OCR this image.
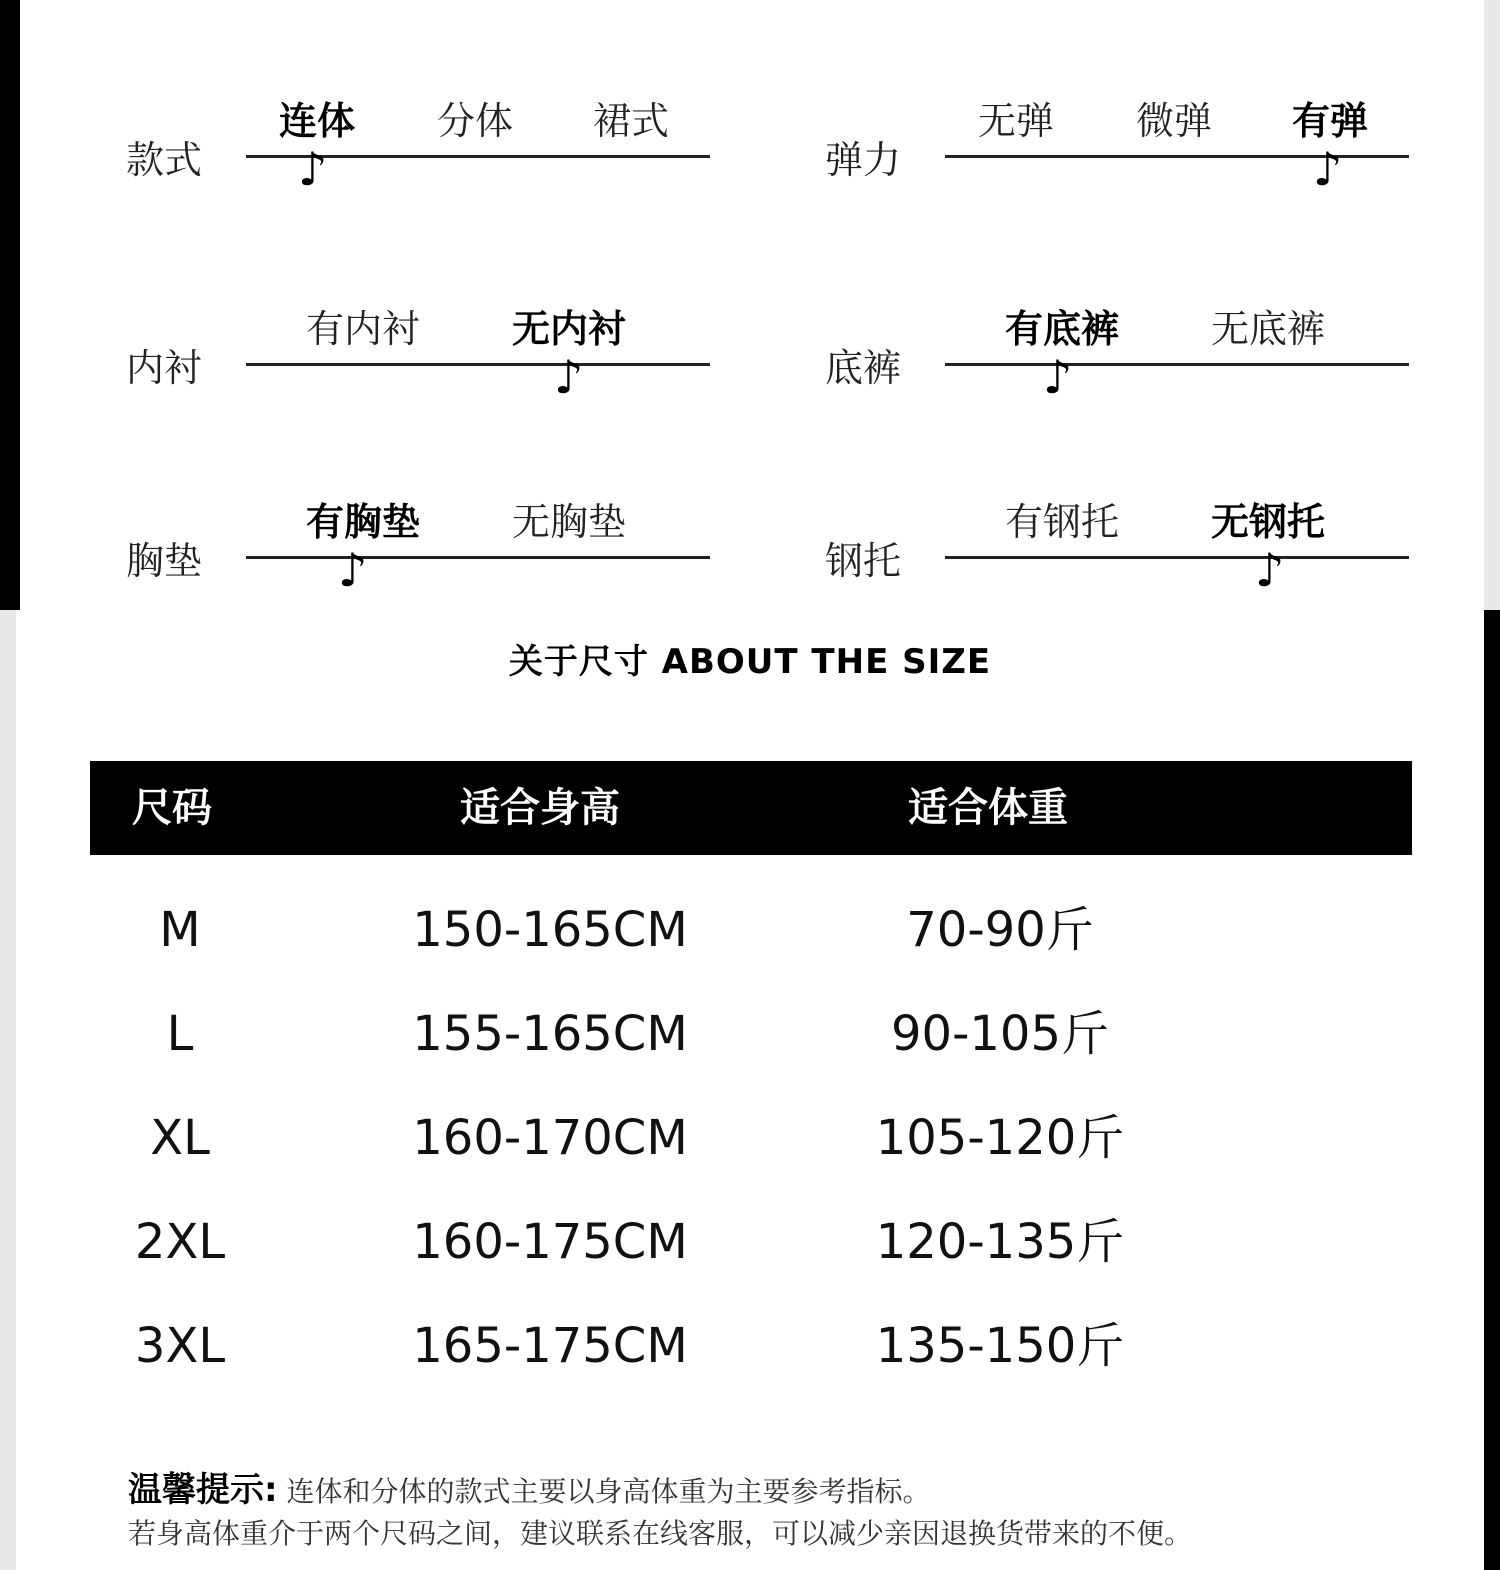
款式
连体	分体	裙式
♪	弹力
无弹	微弹	有弹
♪
内衬
有内衬	无内衬
♪	底裤
有底裤	无底裤
♪
胸垫
有胸垫	无胸垫
♪	钢托
有钢托	无钢托
♪
关于尺寸 ABOUT THE SIZE
尺码	适合身高	适合体重
M	150-165CM	70-90斤
L	155-165CM	90-105斤
XL	160-170CM	105-120斤
2XL	160-175CM	120-135斤
3XL	165-175CM	135-150斤
温馨提示: 连体和分体的款式主要以身高体重为主要参考指标。
若身高体重介于两个尺码之间，建议联系在线客服，可以减少亲因退换货带来的不便。
